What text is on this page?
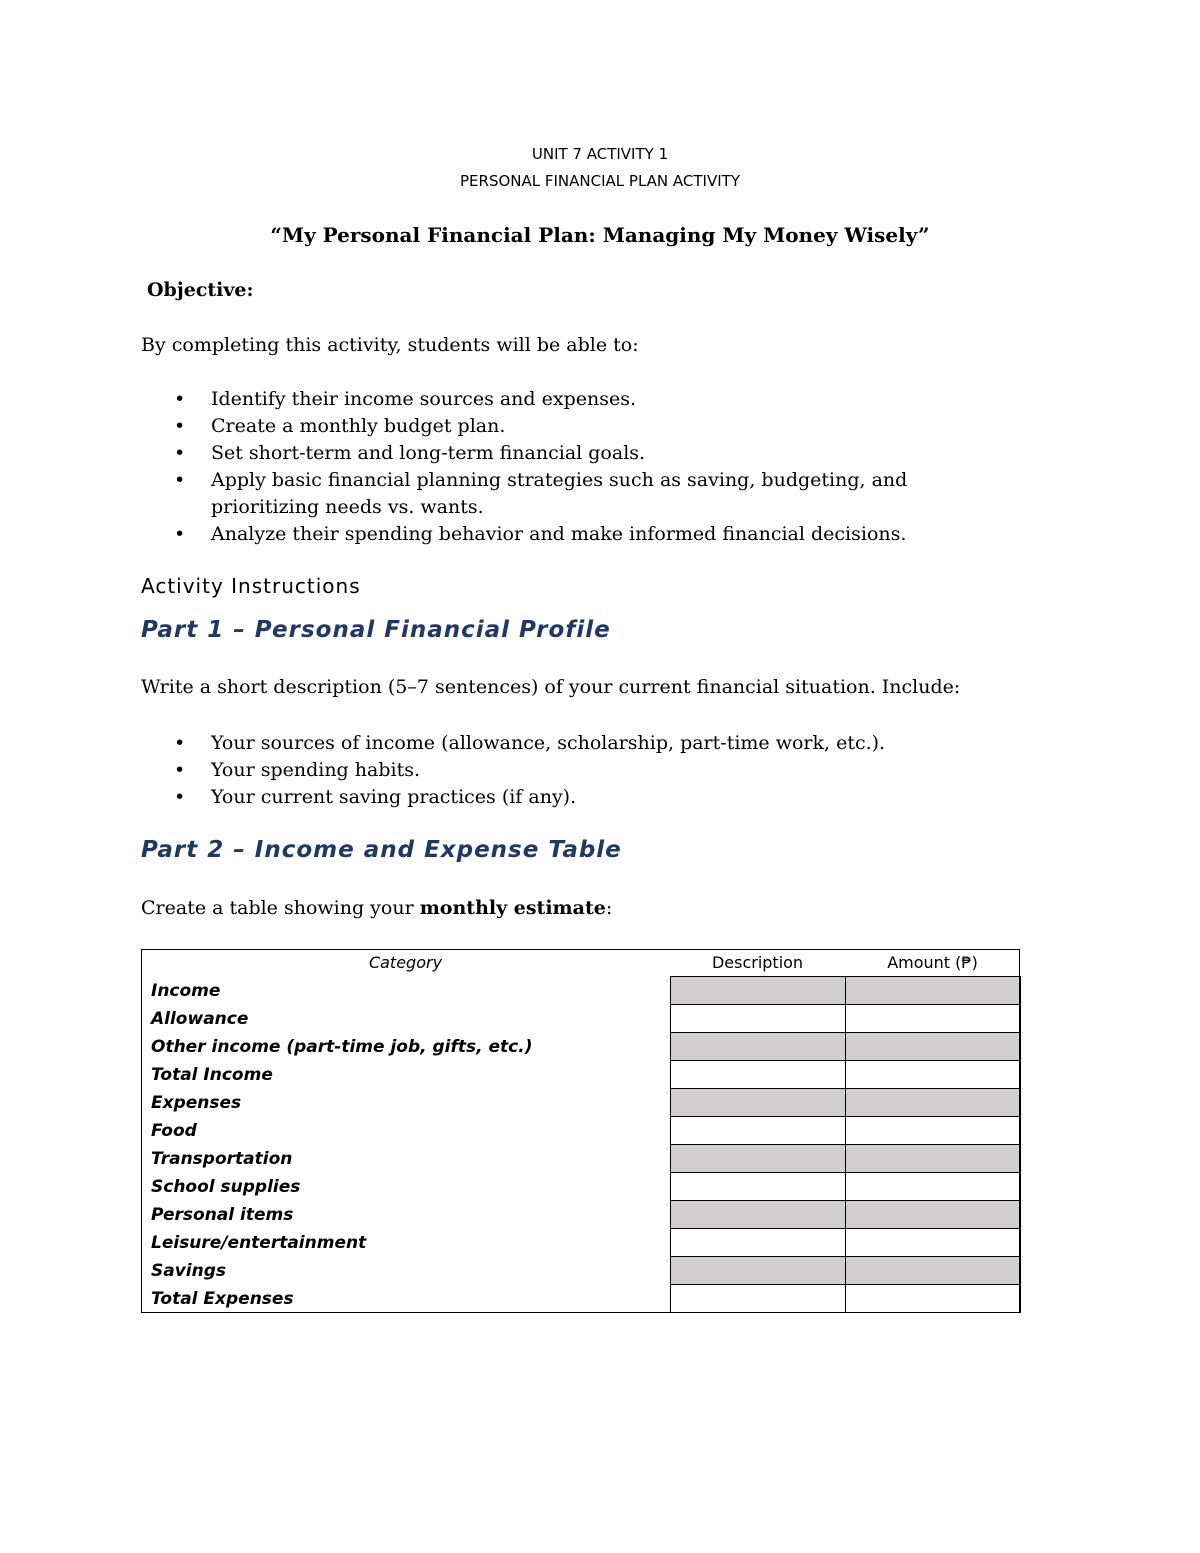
UNIT 7 ACTIVITY 1
PERSONAL FINANCIAL PLAN ACTIVITY
“My Personal Financial Plan: Managing My Money Wisely”
Objective:
By completing this activity, students will be able to:
• Identify their income sources and expenses.
• Create a monthly budget plan.
• Set short-term and long-term financial goals.
• Apply basic financial planning strategies such as saving, budgeting, and prioritizing needs vs. wants.
• Analyze their spending behavior and make informed financial decisions.
Activity Instructions
Part 1 – Personal Financial Profile
Write a short description (5–7 sentences) of your current financial situation. Include:
• Your sources of income (allowance, scholarship, part-time work, etc.).
• Your spending habits.
• Your current saving practices (if any).
Part 2 – Income and Expense Table
Create a table showing your monthly estimate:
Category	Description	Amount (₱)
Income		
Allowance		
Other income (part-time job, gifts, etc.)		
Total Income		
Expenses		
Food		
Transportation		
School supplies		
Personal items		
Leisure/entertainment		
Savings		
Total Expenses		
